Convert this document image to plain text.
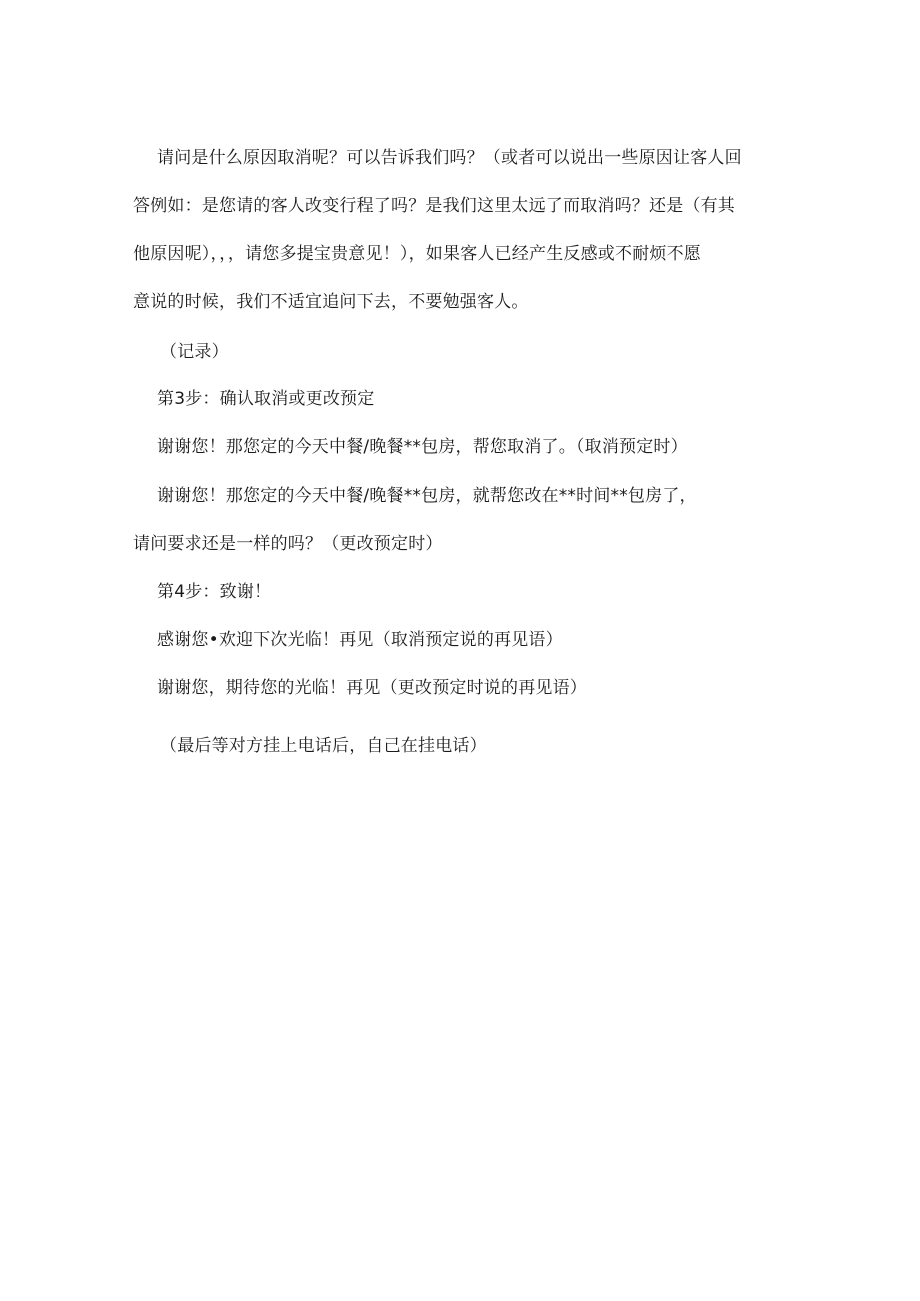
请问是什么原因取消呢？可以告诉我们吗？（或者可以说出一些原因让客人回
答例如：是您请的客人改变行程了吗？是我们这里太远了而取消吗？还是（有其
他原因呢），，，请您多提宝贵意见！），如果客人已经产生反感或不耐烦不愿
意说的时候，我们不适宜追问下去，不要勉强客人。
（记录）
第3步：确认取消或更改预定
谢谢您！那您定的今天中餐/晚餐**包房，帮您取消了。（取消预定时）
谢谢您！那您定的今天中餐/晚餐**包房，就帮您改在**时间**包房了，
请问要求还是一样的吗？（更改预定时）
第4步：致谢！
感谢您•欢迎下次光临！再见（取消预定说的再见语）
谢谢您，期待您的光临！再见（更改预定时说的再见语）
（最后等对方挂上电话后，自己在挂电话）
